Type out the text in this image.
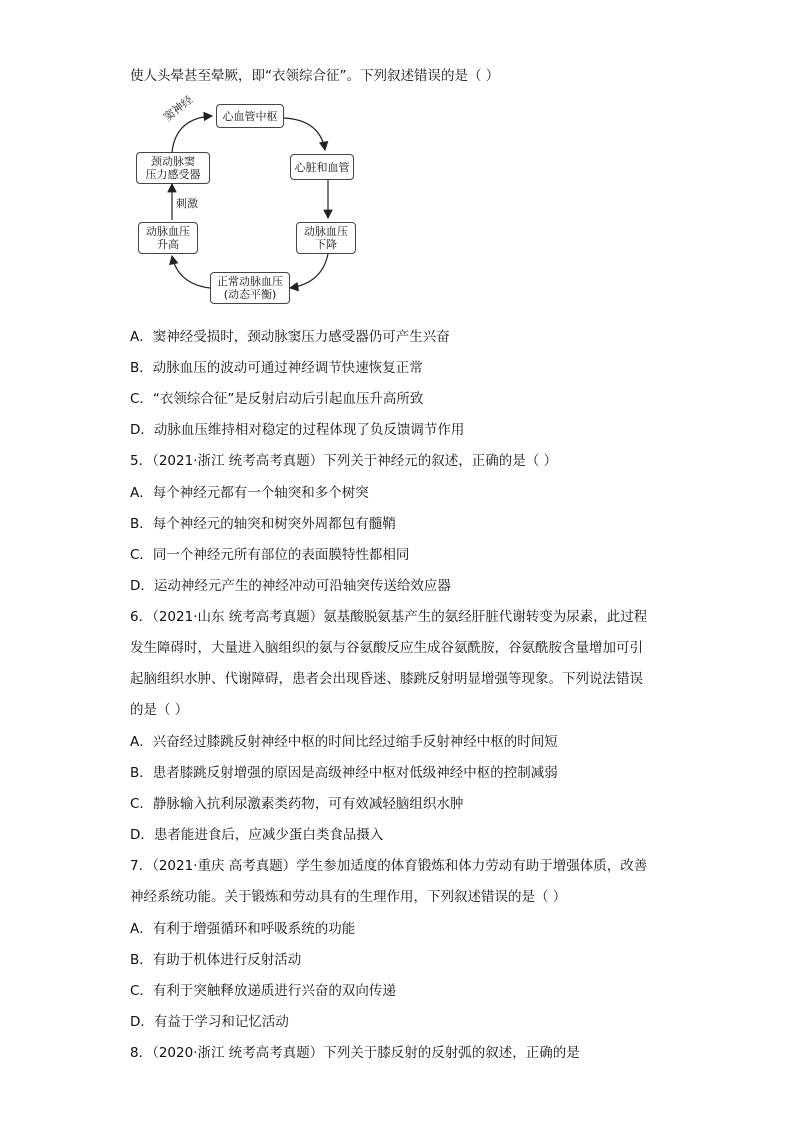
使人头晕甚至晕厥，即“衣领综合征”。下列叙述错误的是（ ）
心血管中枢
心脏和血管
动脉血压
下降
正常动脉血压
(动态平衡)
动脉血压
升高
颈动脉窦
压力感受器
窦神经
刺激
A．窦神经受损时，颈动脉窦压力感受器仍可产生兴奋
B．动脉血压的波动可通过神经调节快速恢复正常
C．“衣领综合征”是反射启动后引起血压升高所致
D．动脉血压维持相对稳定的过程体现了负反馈调节作用
5．（2021·浙江 统考高考真题）下列关于神经元的叙述，正确的是（ ）
A．每个神经元都有一个轴突和多个树突
B．每个神经元的轴突和树突外周都包有髓鞘
C．同一个神经元所有部位的表面膜特性都相同
D．运动神经元产生的神经冲动可沿轴突传送给效应器
6．（2021·山东 统考高考真题）氨基酸脱氨基产生的氨经肝脏代谢转变为尿素，此过程
发生障碍时，大量进入脑组织的氨与谷氨酸反应生成谷氨酰胺，谷氨酰胺含量增加可引
起脑组织水肿、代谢障碍，患者会出现昏迷、膝跳反射明显增强等现象。下列说法错误
的是（ ）
A．兴奋经过膝跳反射神经中枢的时间比经过缩手反射神经中枢的时间短
B．患者膝跳反射增强的原因是高级神经中枢对低级神经中枢的控制减弱
C．静脉输入抗利尿激素类药物，可有效减轻脑组织水肿
D．患者能进食后，应减少蛋白类食品摄入
7．（2021·重庆 高考真题）学生参加适度的体育锻炼和体力劳动有助于增强体质，改善
神经系统功能。关于锻炼和劳动具有的生理作用，下列叙述错误的是（ ）
A．有利于增强循环和呼吸系统的功能
B．有助于机体进行反射活动
C．有利于突触释放递质进行兴奋的双向传递
D．有益于学习和记忆活动
8．（2020·浙江 统考高考真题）下列关于膝反射的反射弧的叙述，正确的是
